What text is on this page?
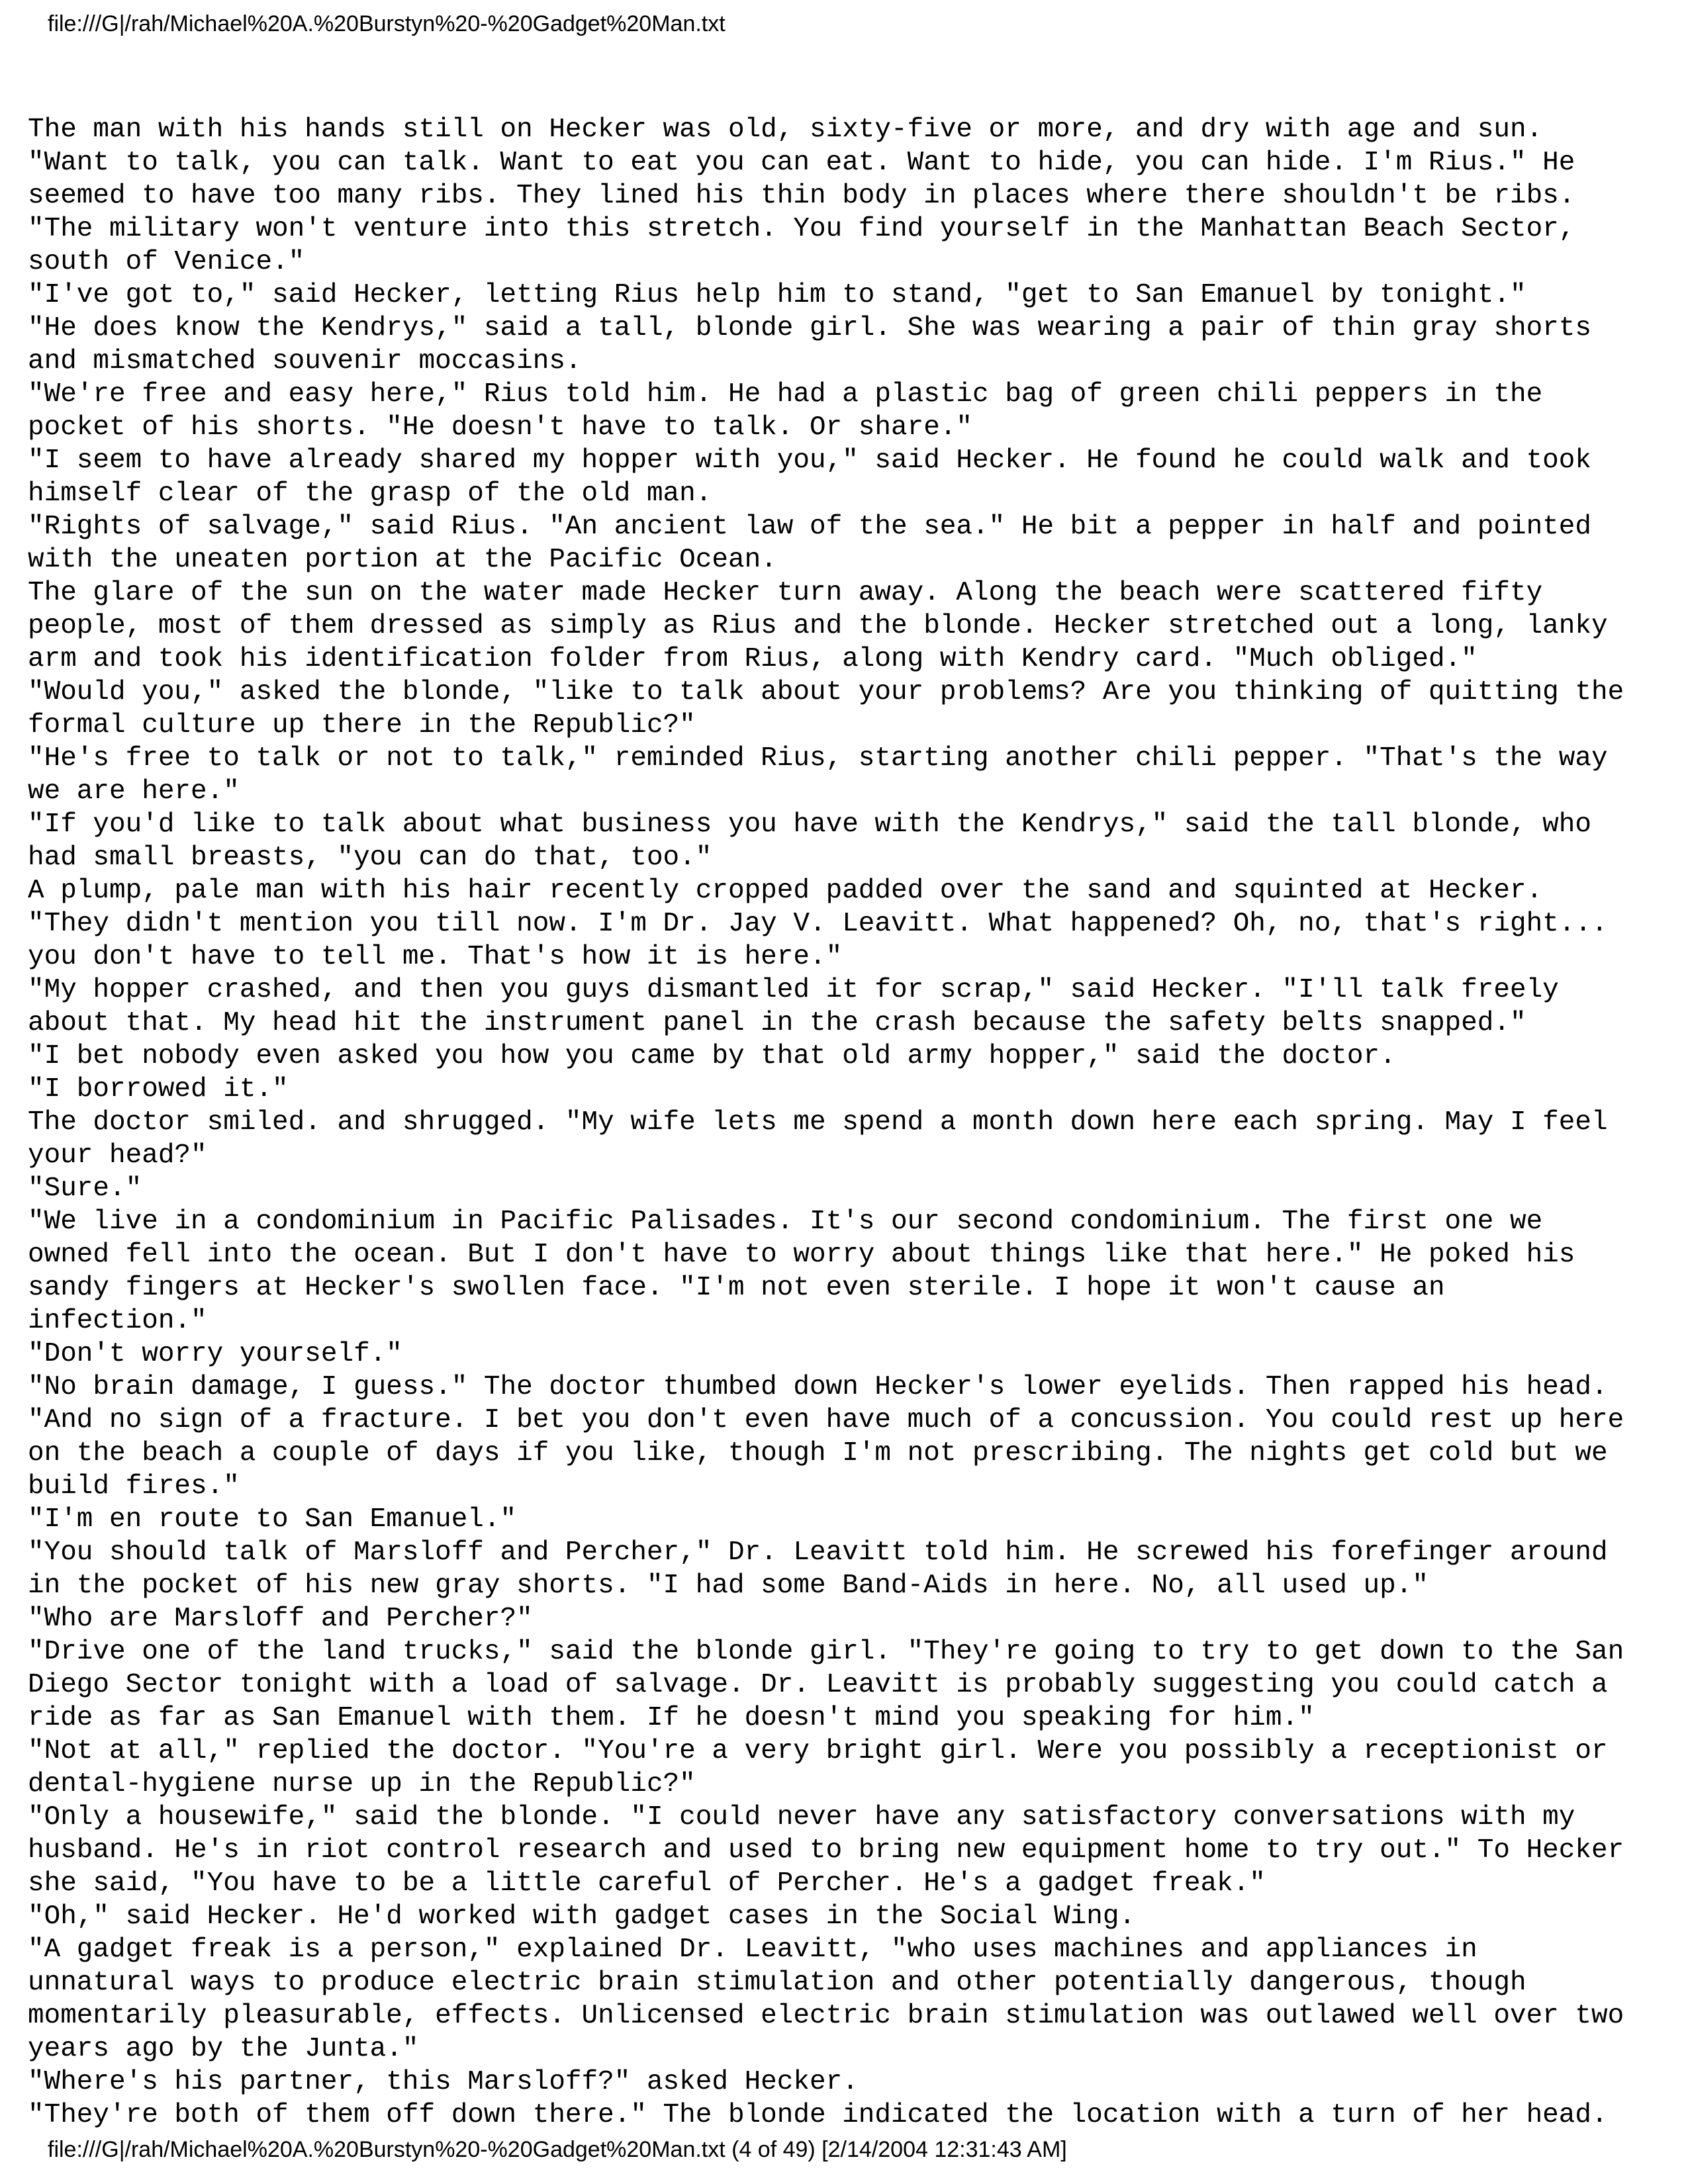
file:///G|/rah/Michael%20A.%20Burstyn%20-%20Gadget%20Man.txt
The man with his hands still on Hecker was old, sixty-five or more, and dry with age and sun.
"Want to talk, you can talk. Want to eat you can eat. Want to hide, you can hide. I'm Rius." He
seemed to have too many ribs. They lined his thin body in places where there shouldn't be ribs.
"The military won't venture into this stretch. You find yourself in the Manhattan Beach Sector,
south of Venice."
"I've got to," said Hecker, letting Rius help him to stand, "get to San Emanuel by tonight."
"He does know the Kendrys," said a tall, blonde girl. She was wearing a pair of thin gray shorts
and mismatched souvenir moccasins.
"We're free and easy here," Rius told him. He had a plastic bag of green chili peppers in the
pocket of his shorts. "He doesn't have to talk. Or share."
"I seem to have already shared my hopper with you," said Hecker. He found he could walk and took
himself clear of the grasp of the old man.
"Rights of salvage," said Rius. "An ancient law of the sea." He bit a pepper in half and pointed
with the uneaten portion at the Pacific Ocean.
The glare of the sun on the water made Hecker turn away. Along the beach were scattered fifty
people, most of them dressed as simply as Rius and the blonde. Hecker stretched out a long, lanky
arm and took his identification folder from Rius, along with Kendry card. "Much obliged."
"Would you," asked the blonde, "like to talk about your problems? Are you thinking of quitting the
formal culture up there in the Republic?"
"He's free to talk or not to talk," reminded Rius, starting another chili pepper. "That's the way
we are here."
"If you'd like to talk about what business you have with the Kendrys," said the tall blonde, who
had small breasts, "you can do that, too."
A plump, pale man with his hair recently cropped padded over the sand and squinted at Hecker.
"They didn't mention you till now. I'm Dr. Jay V. Leavitt. What happened? Oh, no, that's right...
you don't have to tell me. That's how it is here."
"My hopper crashed, and then you guys dismantled it for scrap," said Hecker. "I'll talk freely
about that. My head hit the instrument panel in the crash because the safety belts snapped."
"I bet nobody even asked you how you came by that old army hopper," said the doctor.
"I borrowed it."
The doctor smiled. and shrugged. "My wife lets me spend a month down here each spring. May I feel
your head?"
"Sure."
"We live in a condominium in Pacific Palisades. It's our second condominium. The first one we
owned fell into the ocean. But I don't have to worry about things like that here." He poked his
sandy fingers at Hecker's swollen face. "I'm not even sterile. I hope it won't cause an
infection."
"Don't worry yourself."
"No brain damage, I guess." The doctor thumbed down Hecker's lower eyelids. Then rapped his head.
"And no sign of a fracture. I bet you don't even have much of a concussion. You could rest up here
on the beach a couple of days if you like, though I'm not prescribing. The nights get cold but we
build fires."
"I'm en route to San Emanuel."
"You should talk of Marsloff and Percher," Dr. Leavitt told him. He screwed his forefinger around
in the pocket of his new gray shorts. "I had some Band-Aids in here. No, all used up."
"Who are Marsloff and Percher?"
"Drive one of the land trucks," said the blonde girl. "They're going to try to get down to the San
Diego Sector tonight with a load of salvage. Dr. Leavitt is probably suggesting you could catch a
ride as far as San Emanuel with them. If he doesn't mind you speaking for him."
"Not at all," replied the doctor. "You're a very bright girl. Were you possibly a receptionist or
dental-hygiene nurse up in the Republic?"
"Only a housewife," said the blonde. "I could never have any satisfactory conversations with my
husband. He's in riot control research and used to bring new equipment home to try out." To Hecker
she said, "You have to be a little careful of Percher. He's a gadget freak."
"Oh," said Hecker. He'd worked with gadget cases in the Social Wing.
"A gadget freak is a person," explained Dr. Leavitt, "who uses machines and appliances in
unnatural ways to produce electric brain stimulation and other potentially dangerous, though
momentarily pleasurable, effects. Unlicensed electric brain stimulation was outlawed well over two
years ago by the Junta."
"Where's his partner, this Marsloff?" asked Hecker.
"They're both of them off down there." The blonde indicated the location with a turn of her head.
file:///G|/rah/Michael%20A.%20Burstyn%20-%20Gadget%20Man.txt (4 of 49) [2/14/2004 12:31:43 AM]
